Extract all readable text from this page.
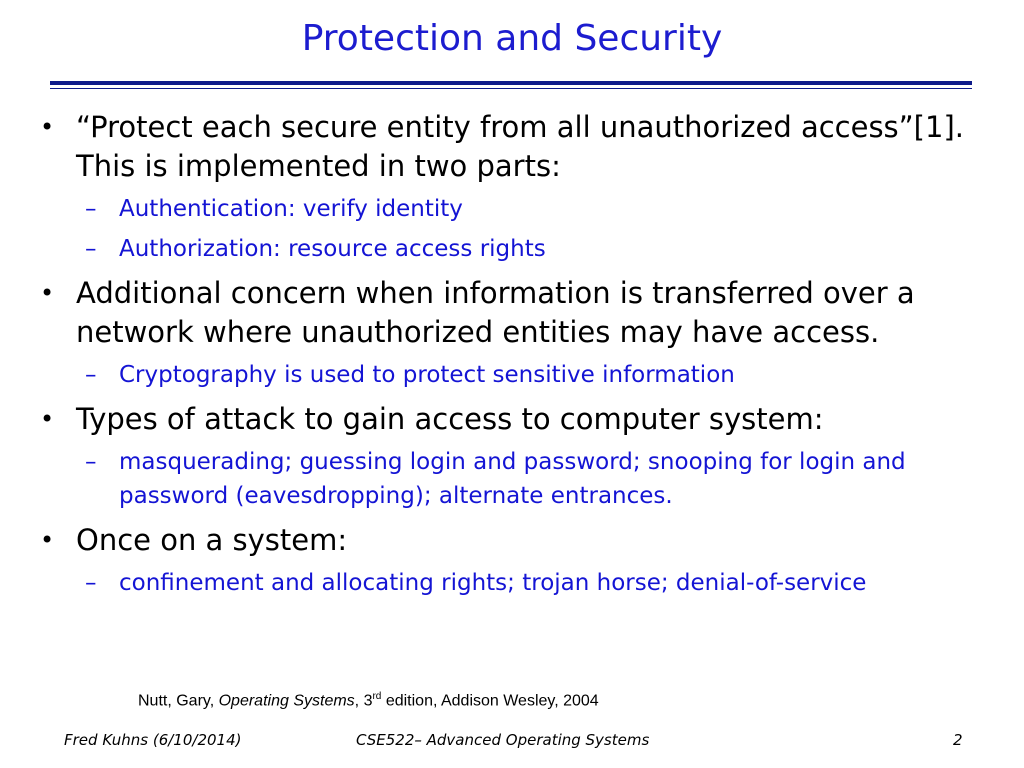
Protection and Security
• “Protect each secure entity from all unauthorized access”[1]. This is implemented in two parts:
– Authentication: verify identity
– Authorization: resource access rights
• Additional concern when information is transferred over a network where unauthorized entities may have access.
– Cryptography is used to protect sensitive information
• Types of attack to gain access to computer system:
– masquerading; guessing login and password; snooping for login and password (eavesdropping); alternate entrances.
• Once on a system:
– confinement and allocating rights; trojan horse; denial-of-service
Nutt, Gary, Operating Systems, 3rd edition, Addison Wesley, 2004
Fred Kuhns (6/10/2014)	CSE522– Advanced Operating Systems	2
